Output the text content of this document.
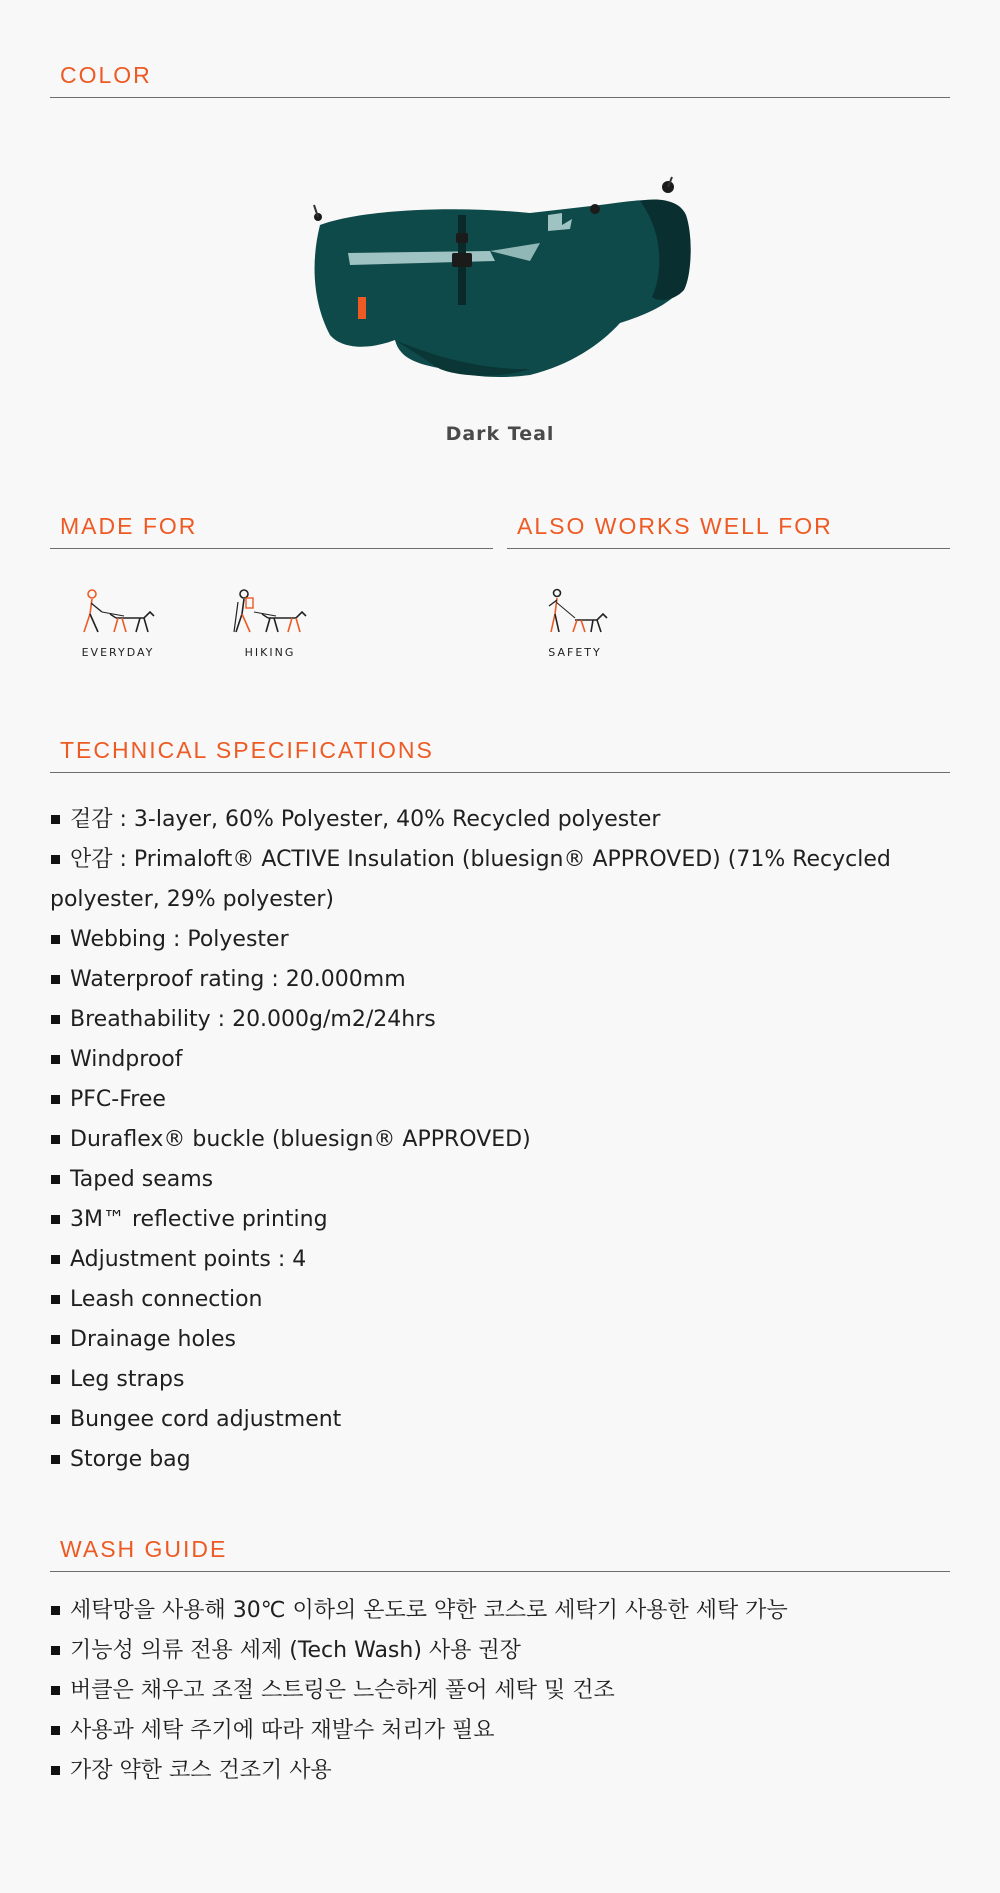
COLOR
Dark Teal
MADE FOR
EVERYDAY	HIKING
ALSO WORKS WELL FOR
SAFETY
TECHNICAL SPECIFICATIONS
겉감 : 3-layer, 60% Polyester, 40% Recycled polyester
안감 : Primaloft® ACTIVE Insulation (bluesign® APPROVED) (71% Recycled polyester, 29% polyester)
Webbing : Polyester
Waterproof rating : 20.000mm
Breathability : 20.000g/m2/24hrs
Windproof
PFC-Free
Duraflex® buckle (bluesign® APPROVED)
Taped seams
3M™ reflective printing
Adjustment points : 4
Leash connection
Drainage holes
Leg straps
Bungee cord adjustment
Storge bag
WASH GUIDE
세탁망을 사용해 30℃ 이하의 온도로 약한 코스로 세탁기 사용한 세탁 가능
기능성 의류 전용 세제 (Tech Wash) 사용 권장
버클은 채우고 조절 스트링은 느슨하게 풀어 세탁 및 건조
사용과 세탁 주기에 따라 재발수 처리가 필요
가장 약한 코스 건조기 사용
